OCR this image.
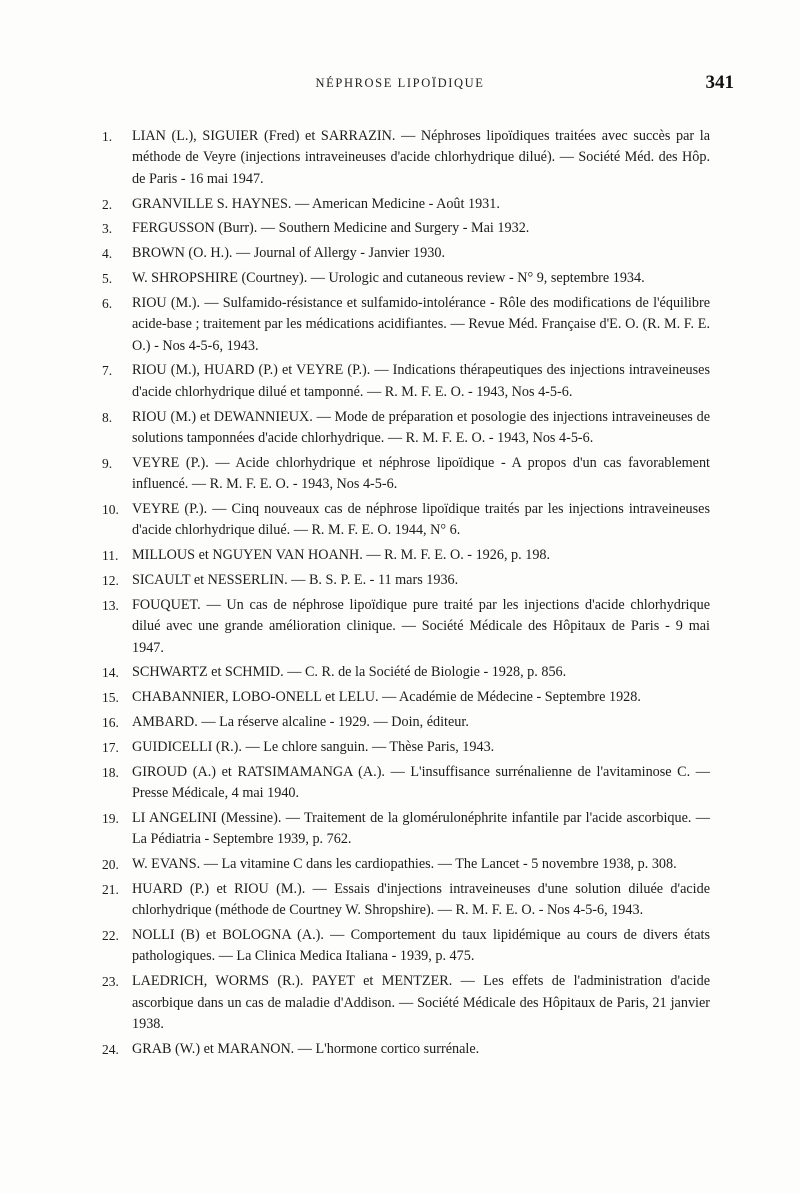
NÉPHROSE LIPOÏDIQUE	341
1.	LIAN (L.), SIGUIER (Fred) et SARRAZIN. — Néphroses lipoïdiques traitées avec succès par la méthode de Veyre (injections intraveineuses d'acide chlorhydrique dilué). — Société Méd. des Hôp. de Paris - 16 mai 1947.
2.	GRANVILLE S. HAYNES. — American Medicine - Août 1931.
3.	FERGUSSON (Burr). — Southern Medicine and Surgery - Mai 1932.
4.	BROWN (O. H.). — Journal of Allergy - Janvier 1930.
5.	W. SHROPSHIRE (Courtney). — Urologic and cutaneous review - N° 9, septembre 1934.
6.	RIOU (M.). — Sulfamido-résistance et sulfamido-intolérance - Rôle des modifications de l'équilibre acide-base ; traitement par les médications acidifiantes. — Revue Méd. Française d'E. O. (R. M. F. E. O.) - Nos 4-5-6, 1943.
7.	RIOU (M.), HUARD (P.) et VEYRE (P.). — Indications thérapeutiques des injections intraveineuses d'acide chlorhydrique dilué et tamponné. — R. M. F. E. O. - 1943, Nos 4-5-6.
8.	RIOU (M.) et DEWANNIEUX. — Mode de préparation et posologie des injections intraveineuses de solutions tamponnées d'acide chlorhydrique. — R. M. F. E. O. - 1943, Nos 4-5-6.
9.	VEYRE (P.). — Acide chlorhydrique et néphrose lipoïdique - A propos d'un cas favorablement influencé. — R. M. F. E. O. - 1943, Nos 4-5-6.
10. VEYRE (P.). — Cinq nouveaux cas de néphrose lipoïdique traités par les injections intraveineuses d'acide chlorhydrique dilué. — R. M. F. E. O. 1944, N° 6.
11. MILLOUS et NGUYEN VAN HOANH. — R. M. F. E. O. - 1926, p. 198.
12. SICAULT et NESSERLIN. — B. S. P. E. - 11 mars 1936.
13. FOUQUET. — Un cas de néphrose lipoïdique pure traité par les injections d'acide chlorhydrique dilué avec une grande amélioration clinique. — Société Médicale des Hôpitaux de Paris - 9 mai 1947.
14. SCHWARTZ et SCHMID. — C. R. de la Société de Biologie - 1928, p. 856.
15. CHABANNIER, LOBO-ONELL et LELU. — Académie de Médecine - Septembre 1928.
16. AMBARD. — La réserve alcaline - 1929. — Doin, éditeur.
17. GUIDICELLI (R.). — Le chlore sanguin. — Thèse Paris, 1943.
18. GIROUD (A.) et RATSIMAMANGA (A.). — L'insuffisance surrénalienne de l'avitaminose C. — Presse Médicale, 4 mai 1940.
19. LI ANGELINI (Messine). — Traitement de la glomérulonéphrite infantile par l'acide ascorbique. — La Pédiatria - Septembre 1939, p. 762.
20. W. EVANS. — La vitamine C dans les cardiopathies. — The Lancet - 5 novembre 1938, p. 308.
21. HUARD (P.) et RIOU (M.). — Essais d'injections intraveineuses d'une solution diluée d'acide chlorhydrique (méthode de Courtney W. Shropshire). — R. M. F. E. O. - Nos 4-5-6, 1943.
22. NOLLI (B) et BOLOGNA (A.). — Comportement du taux lipidémique au cours de divers états pathologiques. — La Clinica Medica Italiana - 1939, p. 475.
23. LAEDRICH, WORMS (R.). PAYET et MENTZER. — Les effets de l'administration d'acide ascorbique dans un cas de maladie d'Addison. — Société Médicale des Hôpitaux de Paris, 21 janvier 1938.
24. GRAB (W.) et MARANON. — L'hormone cortico surrénale.
